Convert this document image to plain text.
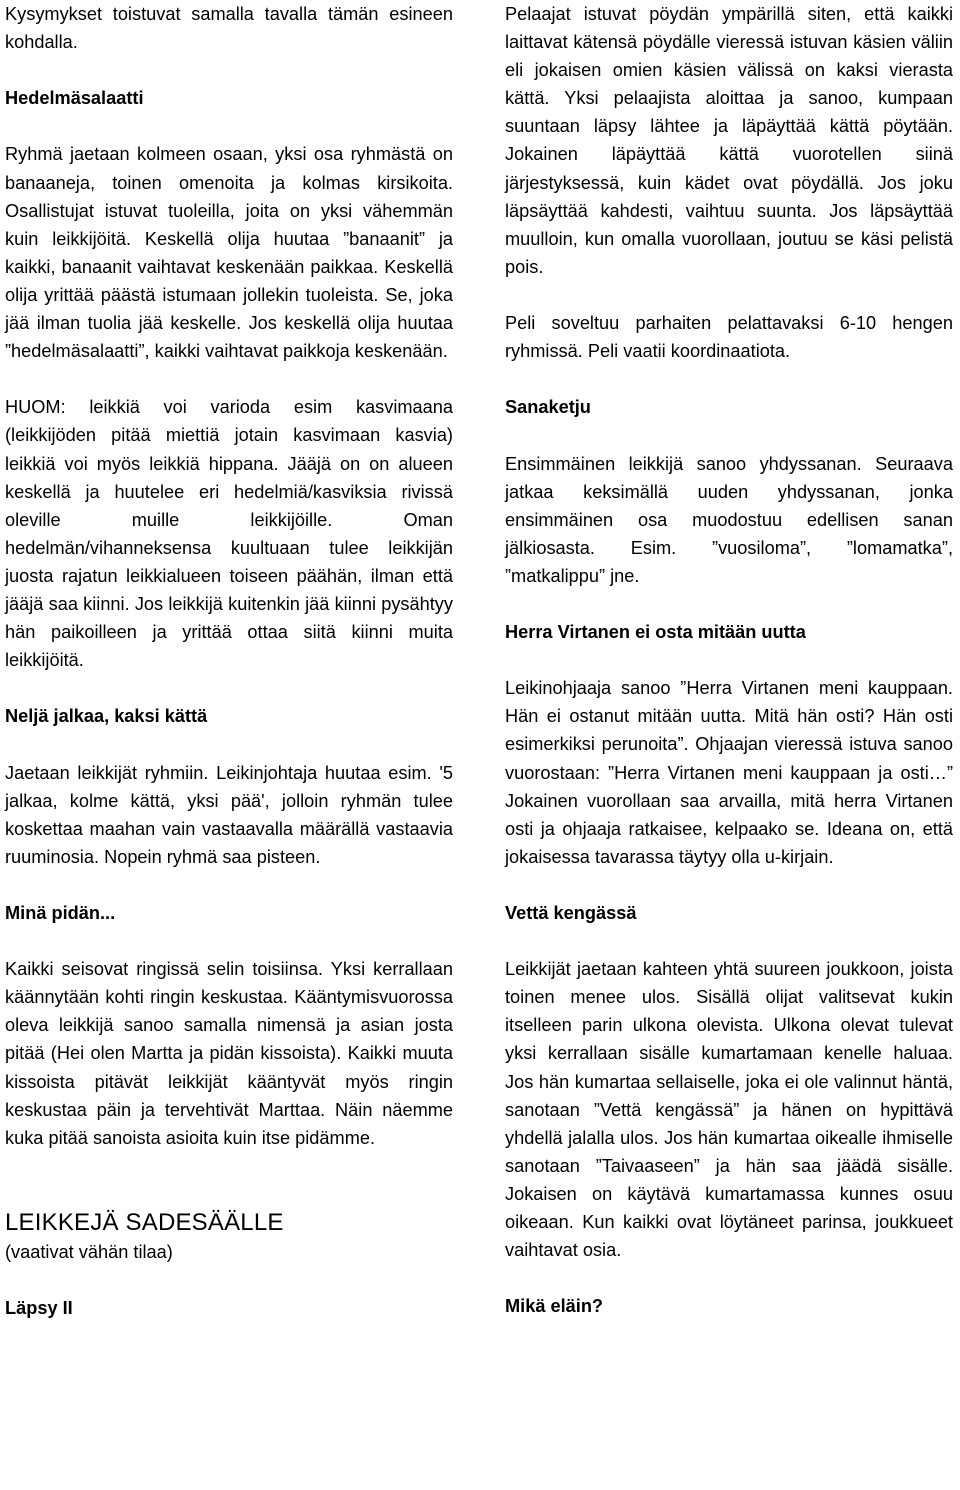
Kysymykset toistuvat samalla tavalla tämän esineen kohdalla.

Hedelmäsalaatti

Ryhmä jaetaan kolmeen osaan, yksi osa ryhmästä on banaaneja, toinen omenoita ja kolmas kirsikoita. Osallistujat istuvat tuoleilla, joita on yksi vähemmän kuin leikkijöitä. Keskellä olija huutaa ”banaanit” ja kaikki, banaanit vaihtavat keskenään paikkaa. Keskellä olija yrittää päästä istumaan jollekin tuoleista. Se, joka jää ilman tuolia jää keskelle. Jos keskellä olija huutaa ”hedelmäsalaatti”, kaikki vaihtavat paikkoja keskenään.

HUOM: leikkiä voi varioda esim kasvimaana (leikkijöden pitää miettiä jotain kasvimaan kasvia) leikkiä voi myös leikkiä hippana. Jääjä on on alueen keskellä ja huutelee eri hedelmiä/kasviksia rivissä oleville muille leikkijöille. Oman hedelmän/vihanneksensa kuultuaan tulee leikkijän juosta rajatun leikkialueen toiseen päähän, ilman että jääjä saa kiinni. Jos leikkijä kuitenkin jää kiinni pysähtyy hän paikoilleen ja yrittää ottaa siitä kiinni muita leikkijöitä.

Neljä jalkaa, kaksi kättä

Jaetaan leikkijät ryhmiin. Leikinjohtaja huutaa esim. '5 jalkaa, kolme kättä, yksi pää', jolloin ryhmän tulee koskettaa maahan vain vastaavalla määrällä vastaavia ruuminosia. Nopein ryhmä saa pisteen.

Minä pidän...

Kaikki seisovat ringissä selin toisiinsa. Yksi kerrallaan käännytään kohti ringin keskustaa. Kääntymisvuorossa oleva leikkijä sanoo samalla nimensä ja asian josta pitää (Hei olen Martta ja pidän kissoista). Kaikki muuta kissoista pitävät leikkijät kääntyvät myös ringin keskustaa päin ja tervehtivät Marttaa. Näin näemme kuka pitää sanoista asioita kuin itse pidämme.

LEIKKEJÄ SADESÄÄLLE

(vaativat vähän tilaa)

Läpsy II

Pelaajat istuvat pöydän ympärillä siten, että kaikki laittavat kätensä pöydälle vieressä istuvan käsien väliin eli jokaisen omien käsien välissä on kaksi vierasta kättä. Yksi pelaajista aloittaa ja sanoo, kumpaan suuntaan läpsy lähtee ja läpäyttää kättä pöytään. Jokainen läpäyttää kättä vuorotellen siinä järjestyksessä, kuin kädet ovat pöydällä. Jos joku läpsäyttää kahdesti, vaihtuu suunta. Jos läpsäyttää muulloin, kun omalla vuorollaan, joutuu se käsi pelistä pois.

Peli soveltuu parhaiten pelattavaksi 6-10 hengen ryhmissä. Peli vaatii koordinaatiota.

Sanaketju

Ensimmäinen leikkijä sanoo yhdyssanan. Seuraava jatkaa keksimällä uuden yhdyssanan, jonka ensimmäinen osa muodostuu edellisen sanan jälkiosasta. Esim. ”vuosiloma”, ”lomamatka”, ”matkalippu” jne.

Herra Virtanen ei osta mitään uutta

Leikinohjaaja sanoo ”Herra Virtanen meni kauppaan. Hän ei ostanut mitään uutta. Mitä hän osti? Hän osti esimerkiksi perunoita”. Ohjaajan vieressä istuva sanoo vuorostaan: ”Herra Virtanen meni kauppaan ja osti…” Jokainen vuorollaan saa arvailla, mitä herra Virtanen osti ja ohjaaja ratkaisee, kelpaako se. Ideana on, että jokaisessa tavarassa täytyy olla u-kirjain.

Vettä kengässä

Leikkijät jaetaan kahteen yhtä suureen joukkoon, joista toinen menee ulos. Sisällä olijat valitsevat kukin itselleen parin ulkona olevista. Ulkona olevat tulevat yksi kerrallaan sisälle kumartamaan kenelle haluaa. Jos hän kumartaa sellaiselle, joka ei ole valinnut häntä, sanotaan ”Vettä kengässä” ja hänen on hypittävä yhdellä jalalla ulos. Jos hän kumartaa oikealle ihmiselle sanotaan ”Taivaaseen” ja hän saa jäädä sisälle. Jokaisen on käytävä kumartamassa kunnes osuu oikeaan. Kun kaikki ovat löytäneet parinsa, joukkueet vaihtavat osia.

Mikä eläin?
